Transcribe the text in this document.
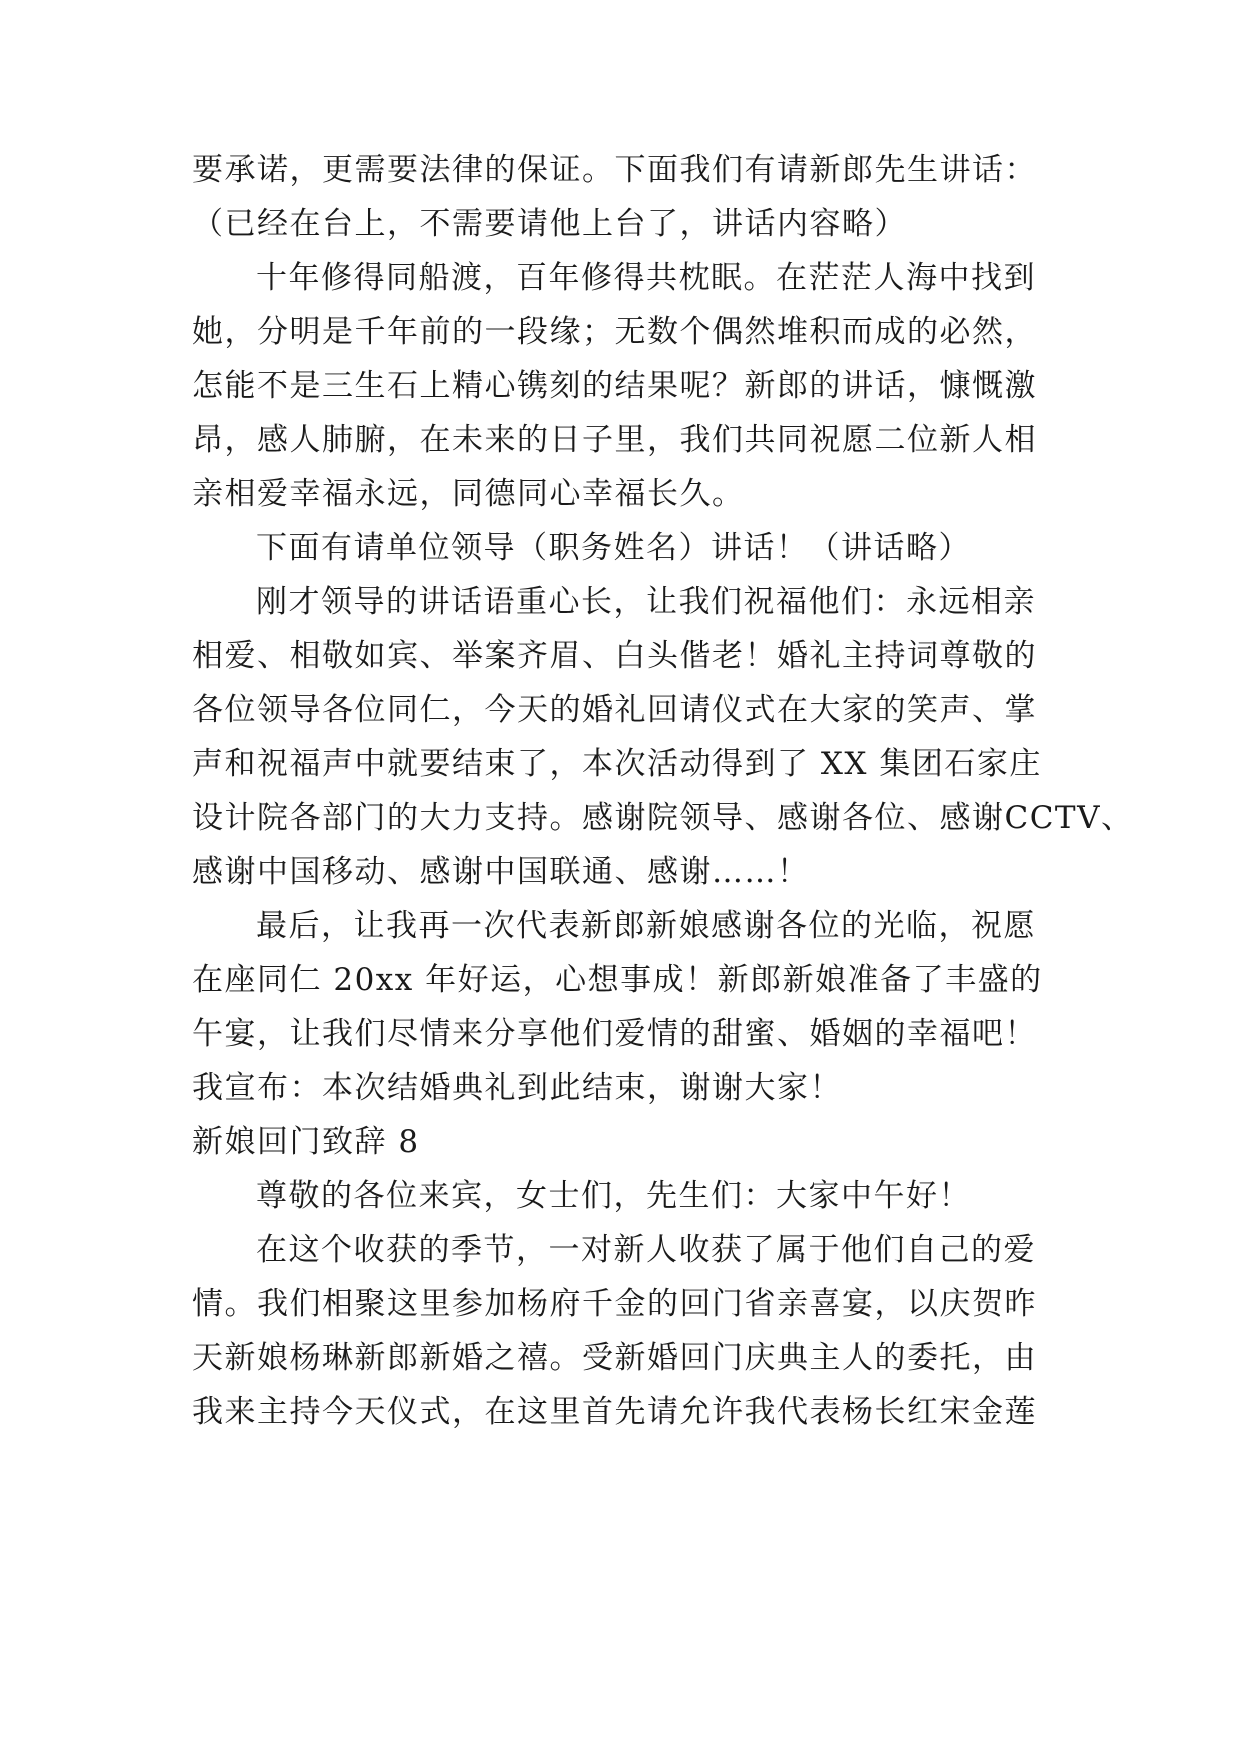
要承诺，更需要法律的保证。下面我们有请新郎先生讲话：
（已经在台上，不需要请他上台了，讲话内容略）
十年修得同船渡，百年修得共枕眠。在茫茫人海中找到
她，分明是千年前的一段缘；无数个偶然堆积而成的必然，
怎能不是三生石上精心镌刻的结果呢？新郎的讲话，慷慨激
昂，感人肺腑，在未来的日子里，我们共同祝愿二位新人相
亲相爱幸福永远，同德同心幸福长久。
下面有请单位领导（职务姓名）讲话！（讲话略）
刚才领导的讲话语重心长，让我们祝福他们：永远相亲
相爱、相敬如宾、举案齐眉、白头偕老！婚礼主持词尊敬的
各位领导各位同仁，今天的婚礼回请仪式在大家的笑声、掌
声和祝福声中就要结束了，本次活动得到了 XX 集团石家庄
设计院各部门的大力支持。感谢院领导、感谢各位、感谢CCTV、
感谢中国移动、感谢中国联通、感谢……！
最后，让我再一次代表新郎新娘感谢各位的光临，祝愿
在座同仁 20xx 年好运，心想事成！新郎新娘准备了丰盛的
午宴，让我们尽情来分享他们爱情的甜蜜、婚姻的幸福吧！
我宣布：本次结婚典礼到此结束，谢谢大家！
新娘回门致辞 8
尊敬的各位来宾，女士们，先生们：大家中午好！
在这个收获的季节，一对新人收获了属于他们自己的爱
情。我们相聚这里参加杨府千金的回门省亲喜宴，以庆贺昨
天新娘杨琳新郎新婚之禧。受新婚回门庆典主人的委托，由
我来主持今天仪式，在这里首先请允许我代表杨长红宋金莲
